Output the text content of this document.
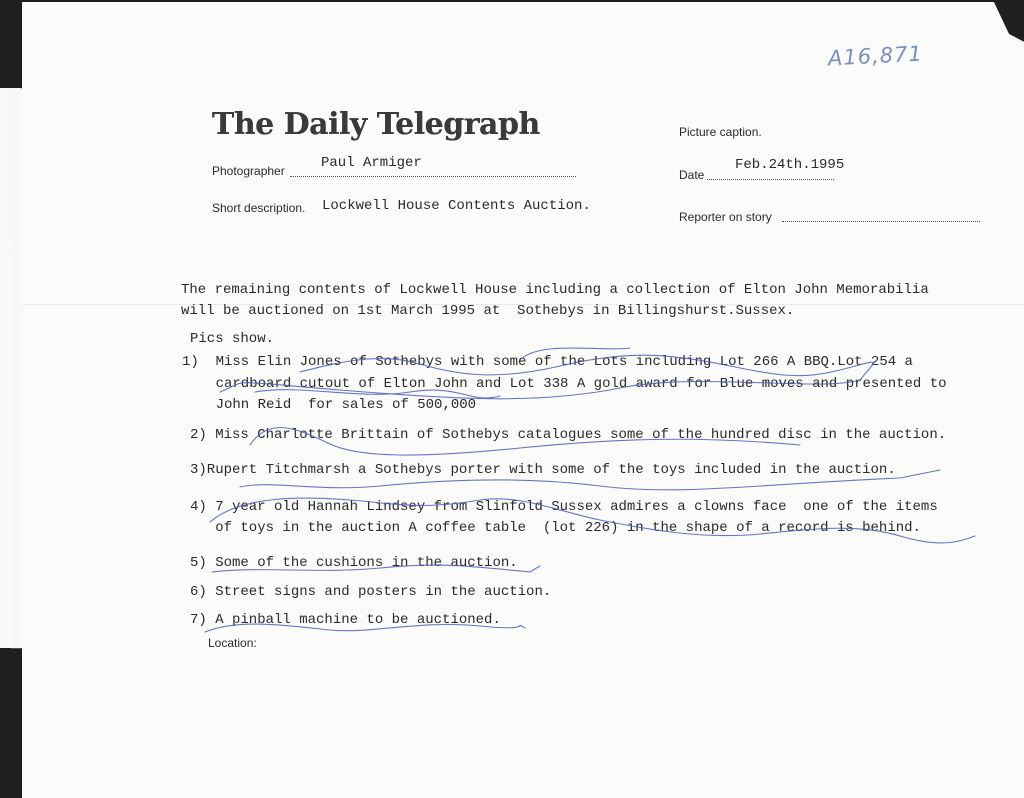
A16,871
The Daily Telegraph	Picture caption.
Photographer	Paul Armiger
Date
Feb.24th.1995
Short description. Lockwell House Contents Auction.
Reporter on story
The remaining contents of Lockwell House including a collection of Elton John Memorabilia
will be auctioned on 1st March 1995 at  Sothebys in Billingshurst.Sussex.
Pics show.
1)  Miss Elin Jones of Sothebys with some of the Lots including Lot 266 A BBQ.Lot 254 a
cardboard cutout of Elton John and Lot 338 A gold award for Blue moves and presented to
John Reid  for sales of 500,000
2) Miss Charlotte Brittain of Sothebys catalogues some of the hundred disc in the auction.
3)Rupert Titchmarsh a Sothebys porter with some of the toys included in the auction.
4) 7 year old Hannah Lindsey from Slinfold Sussex admires a clowns face  one of the items
of toys in the auction A coffee table  (lot 226) in the shape of a record is behind.
5) Some of the cushions in the auction.
6) Street signs and posters in the auction.
7) A pinball machine to be auctioned.
Location:
